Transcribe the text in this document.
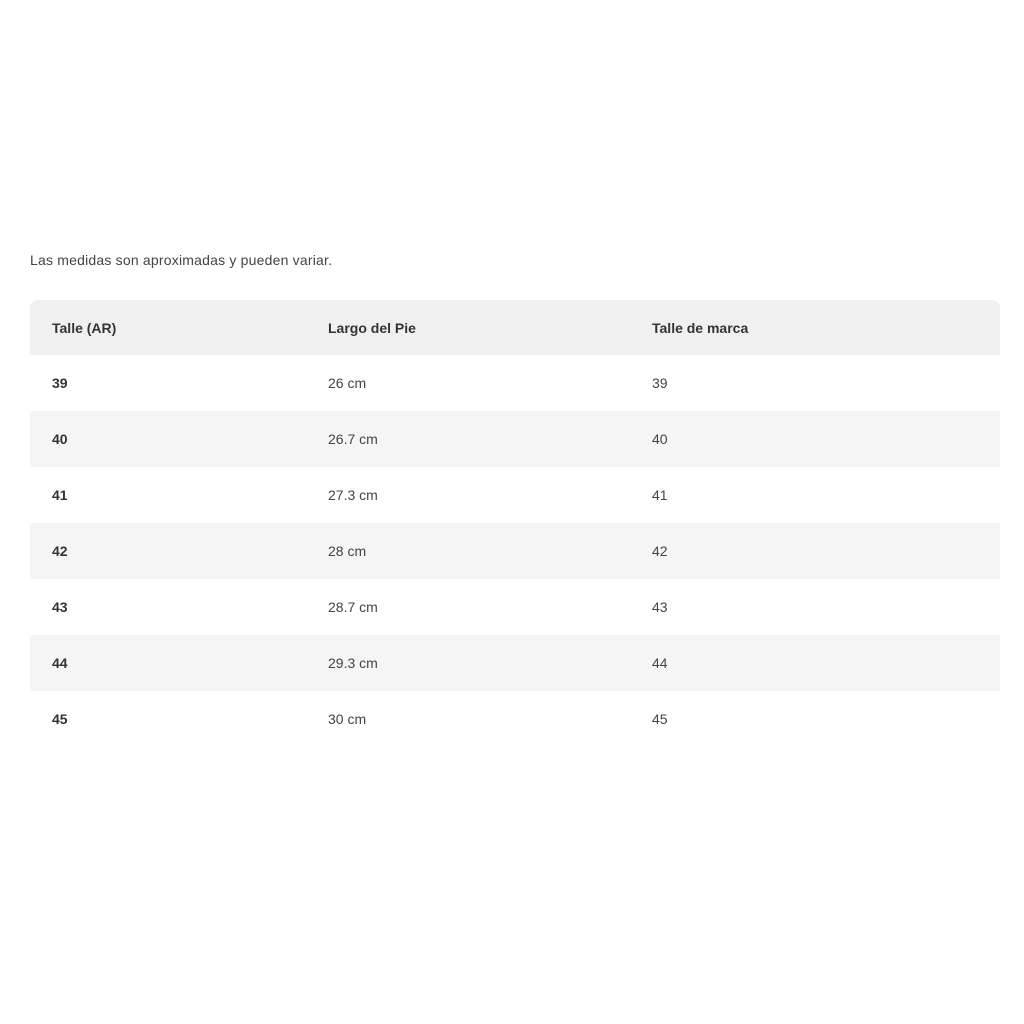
Las medidas son aproximadas y pueden variar.
Talle (AR)	Largo del Pie	Talle de marca
39	26 cm	39
40	26.7 cm	40
41	27.3 cm	41
42	28 cm	42
43	28.7 cm	43
44	29.3 cm	44
45	30 cm	45
